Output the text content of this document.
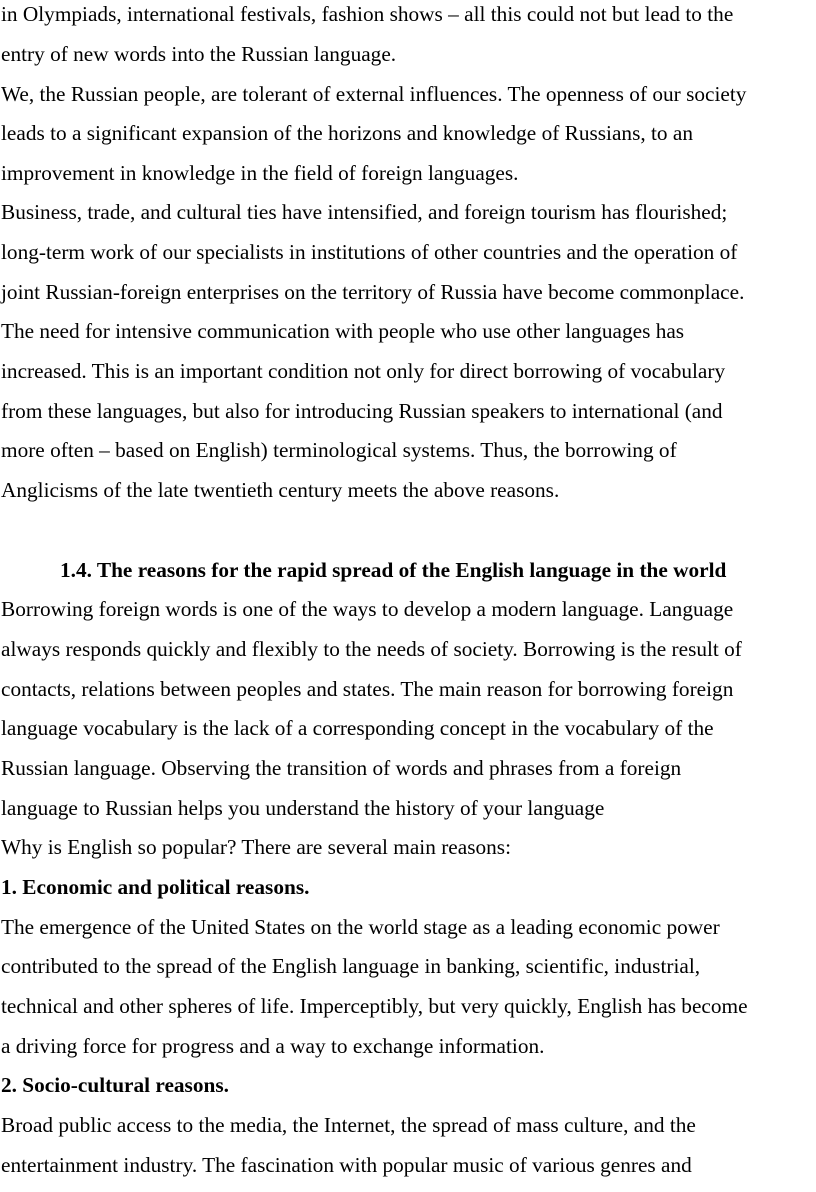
in Olympiads, international festivals, fashion shows – all this could not but lead to the
entry of new words into the Russian language.
We, the Russian people, are tolerant of external influences. The openness of our society
leads to a significant expansion of the horizons and knowledge of Russians, to an
improvement in knowledge in the field of foreign languages.
Business, trade, and cultural ties have intensified, and foreign tourism has flourished;
long-term work of our specialists in institutions of other countries and the operation of
joint Russian-foreign enterprises on the territory of Russia have become commonplace.
The need for intensive communication with people who use other languages has
increased. This is an important condition not only for direct borrowing of vocabulary
from these languages, but also for introducing Russian speakers to international (and
more often – based on English) terminological systems. Thus, the borrowing of
Anglicisms of the late twentieth century meets the above reasons.
1.4. The reasons for the rapid spread of the English language in the world
Borrowing foreign words is one of the ways to develop a modern language. Language
always responds quickly and flexibly to the needs of society. Borrowing is the result of
contacts, relations between peoples and states. The main reason for borrowing foreign
language vocabulary is the lack of a corresponding concept in the vocabulary of the
Russian language. Observing the transition of words and phrases from a foreign
language to Russian helps you understand the history of your language
Why is English so popular? There are several main reasons:
1. Economic and political reasons.
The emergence of the United States on the world stage as a leading economic power
contributed to the spread of the English language in banking, scientific, industrial,
technical and other spheres of life. Imperceptibly, but very quickly, English has become
a driving force for progress and a way to exchange information.
2. Socio-cultural reasons.
Broad public access to the media, the Internet, the spread of mass culture, and the
entertainment industry. The fascination with popular music of various genres and
